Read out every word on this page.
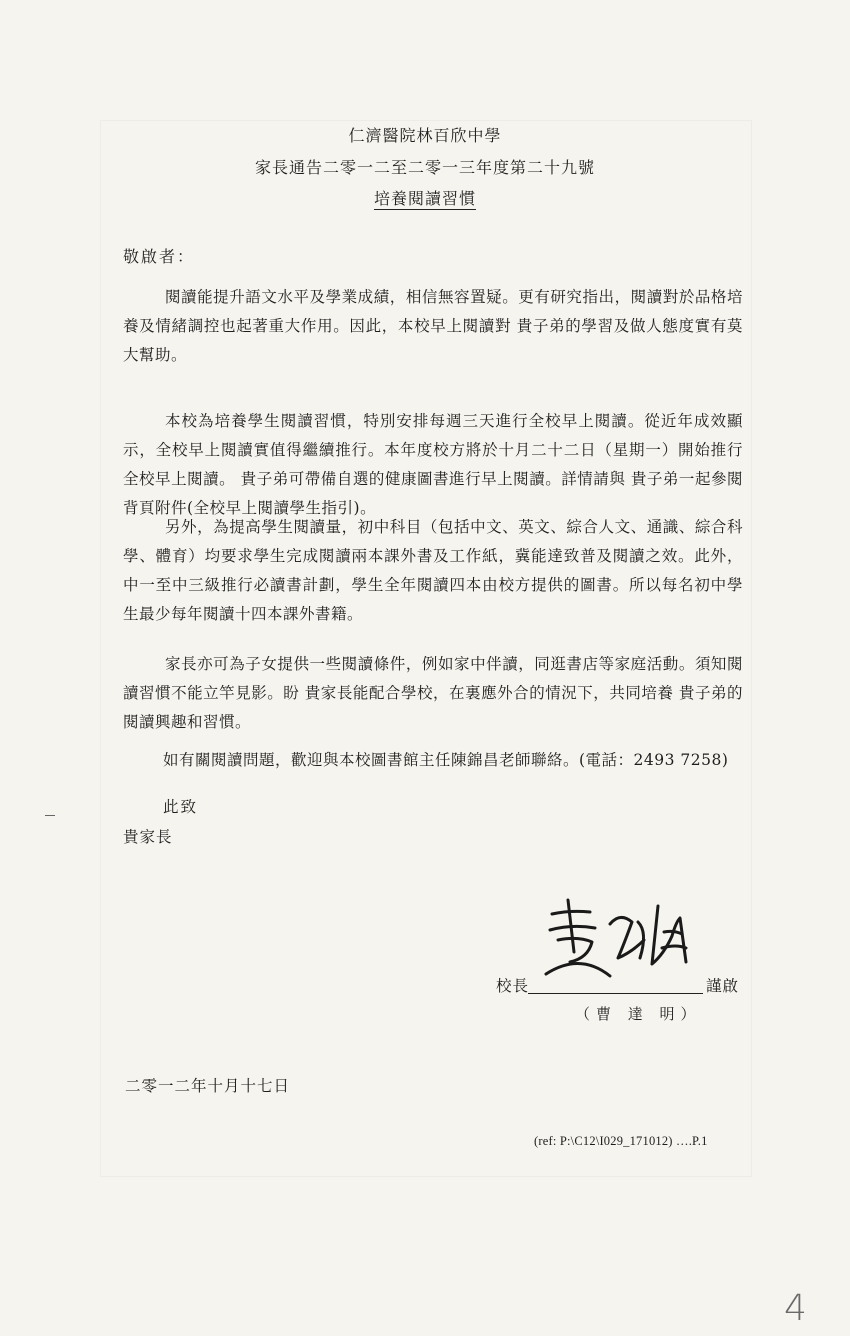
仁濟醫院林百欣中學
家長通告二零一二至二零一三年度第二十九號
培養閱讀習慣
敬啟者：
閱讀能提升語文水平及學業成績，相信無容置疑。更有研究指出，閱讀對於品格培養及情緒調控也起著重大作用。因此，本校早上閱讀對 貴子弟的學習及做人態度實有莫大幫助。
本校為培養學生閱讀習慣，特別安排每週三天進行全校早上閱讀。從近年成效顯示，全校早上閱讀實值得繼續推行。本年度校方將於十月二十二日（星期一）開始推行全校早上閱讀。 貴子弟可帶備自選的健康圖書進行早上閱讀。詳情請與 貴子弟一起參閱背頁附件(全校早上閱讀學生指引)。
另外，為提高學生閱讀量，初中科目（包括中文、英文、綜合人文、通識、綜合科學、體育）均要求學生完成閱讀兩本課外書及工作紙，冀能達致普及閱讀之效。此外，中一至中三級推行必讀書計劃，學生全年閱讀四本由校方提供的圖書。所以每名初中學生最少每年閱讀十四本課外書籍。
家長亦可為子女提供一些閱讀條件，例如家中伴讀，同逛書店等家庭活動。須知閱讀習慣不能立竿見影。盼 貴家長能配合學校，在裏應外合的情況下，共同培養 貴子弟的閱讀興趣和習慣。
如有關閱讀問題，歡迎與本校圖書館主任陳錦昌老師聯絡。(電話：2493 7258)
此致
貴家長
校長	謹啟
（曹 達 明）
二零一二年十月十七日
(ref: P:\C12\I029_171012) ….P.1
4
